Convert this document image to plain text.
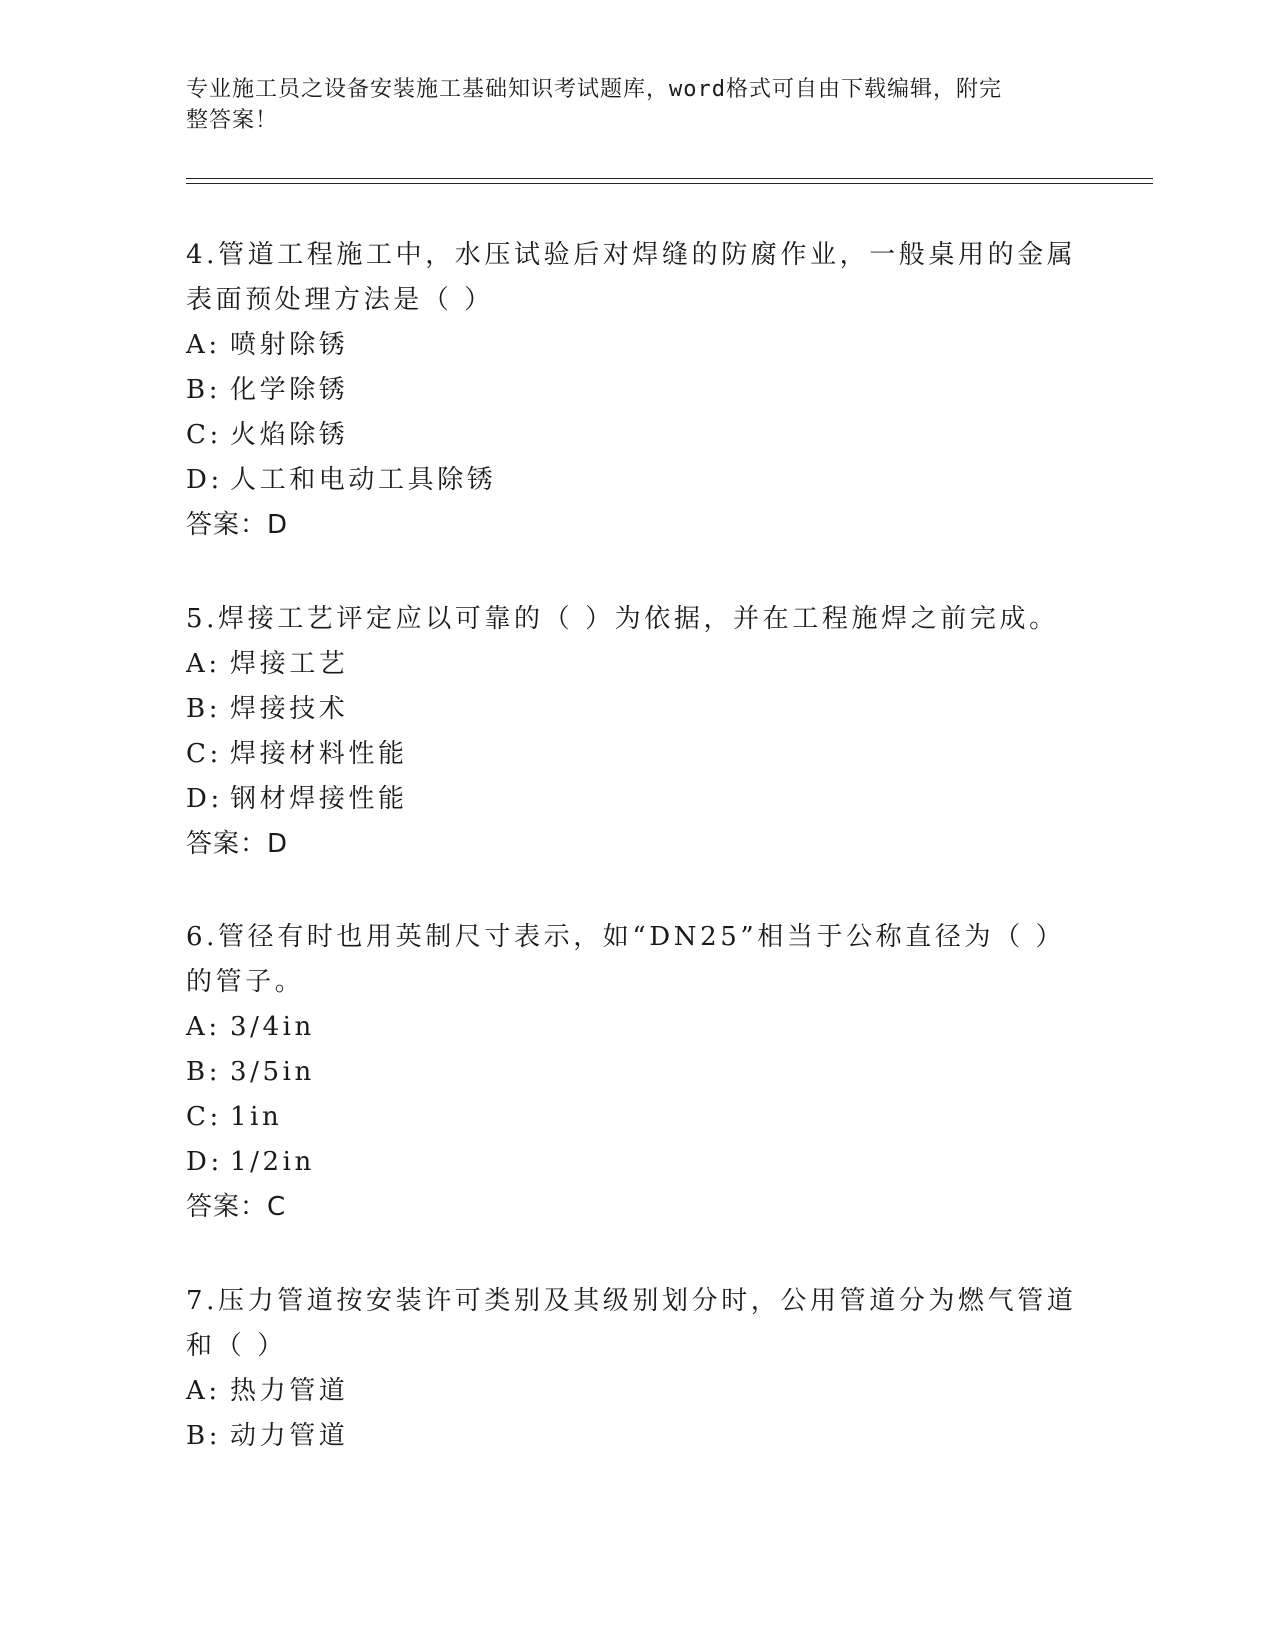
专业施工员之设备安装施工基础知识考试题库，word格式可自由下载编辑，附完
整答案！

4.管道工程施工中，水压试验后对焊缝的防腐作业，一般桌用的金属表面预处理方法是（ ）

A: 喷射除锈

B: 化学除锈

C: 火焰除锈

D: 人工和电动工具除锈

答案：D

5.焊接工艺评定应以可靠的（ ）为依据，并在工程施焊之前完成。

A: 焊接工艺

B: 焊接技术

C: 焊接材料性能

D: 钢材焊接性能

答案：D

6.管径有时也用英制尺寸表示，如“DN25”相当于公称直径为（ ）的管子。

A: 3/4in

B: 3/5in

C: 1in

D: 1/2in

答案：C

7.压力管道按安装许可类别及其级别划分时，公用管道分为燃气管道和（ ）

A: 热力管道

B: 动力管道
